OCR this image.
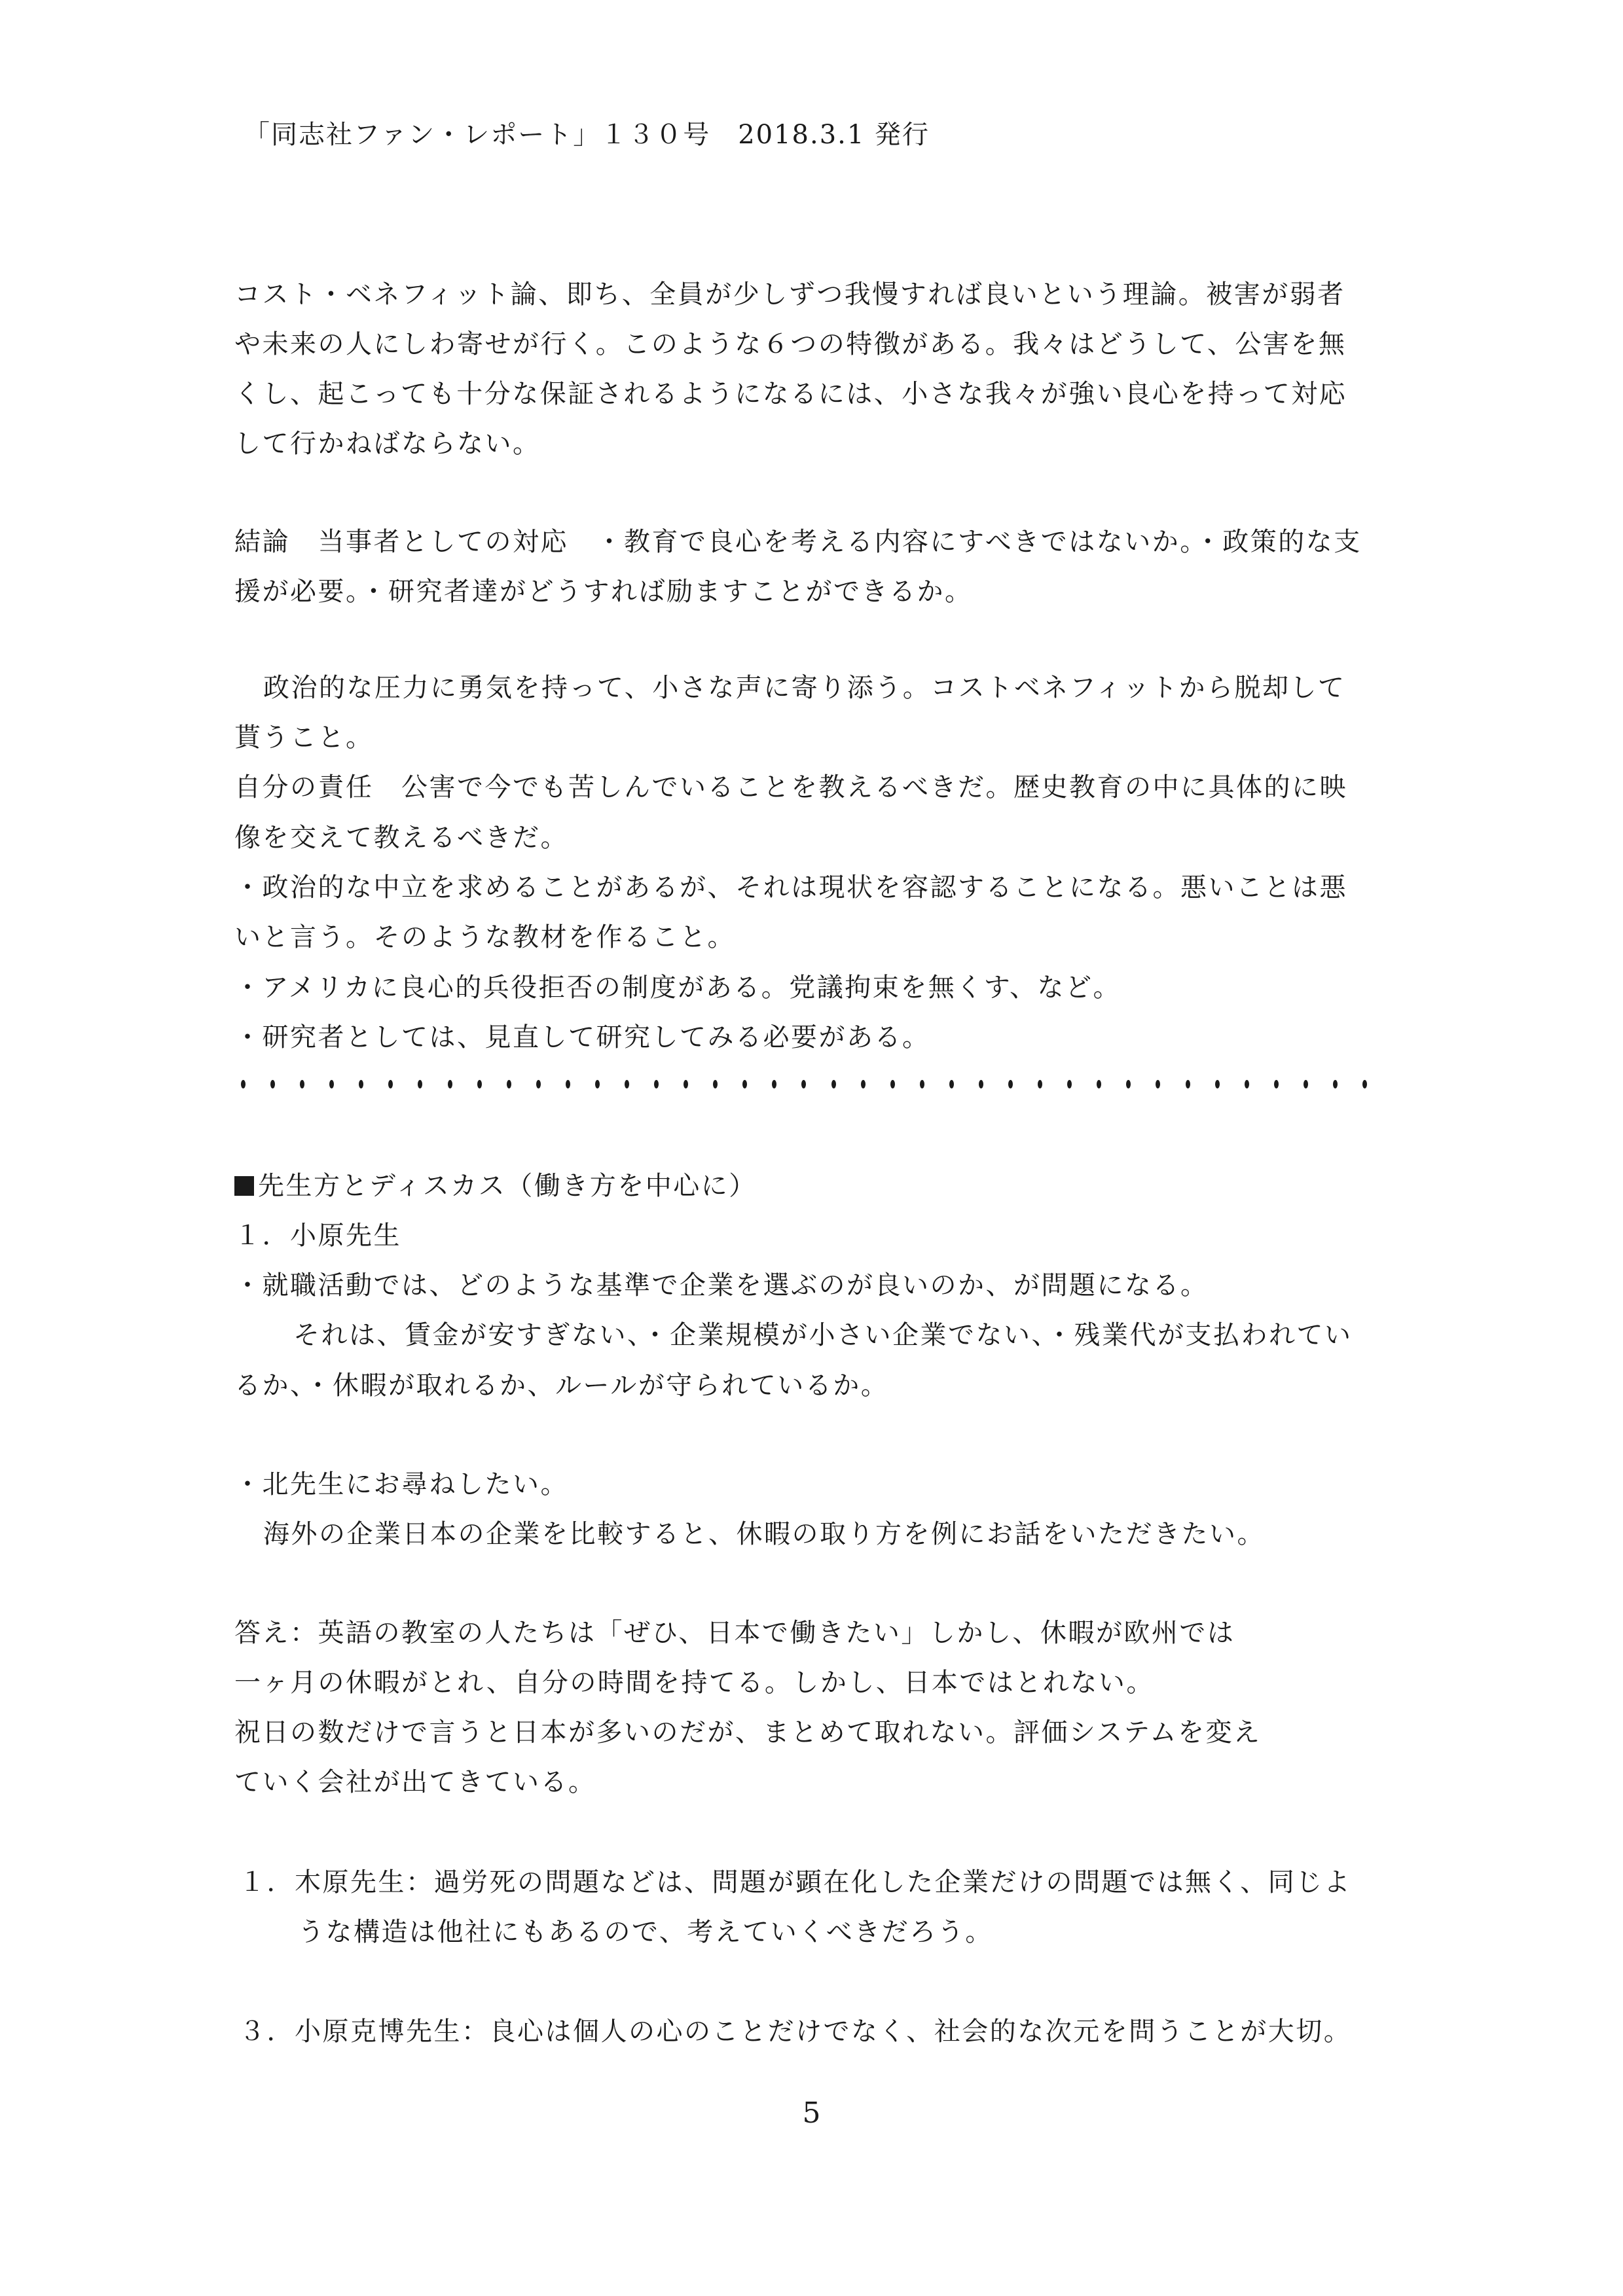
「同志社ファン・レポート」１３０号　2018.3.1 発行
コスト・ベネフィット論、即ち、全員が少しずつ我慢すれば良いという理論。被害が弱者
や未来の人にしわ寄せが行く。このような６つの特徴がある。我々はどうして、公害を無
くし、起こっても十分な保証されるようになるには、小さな我々が強い良心を持って対応
して行かねばならない。
結論　当事者としての対応　・教育で良心を考える内容にすべきではないか。・政策的な支
援が必要。・研究者達がどうすれば励ますことができるか。
政治的な圧力に勇気を持って、小さな声に寄り添う。コストベネフィットから脱却して
貰うこと。
自分の責任　公害で今でも苦しんでいることを教えるべきだ。歴史教育の中に具体的に映
像を交えて教えるべきだ。
・政治的な中立を求めることがあるが、それは現状を容認することになる。悪いことは悪
いと言う。そのような教材を作ること。
・アメリカに良心的兵役拒否の制度がある。党議拘束を無くす、など。
・研究者としては、見直して研究してみる必要がある。
先生方とディスカス（働き方を中心に）
１．小原先生
・就職活動では、どのような基準で企業を選ぶのが良いのか、が問題になる。
それは、賃金が安すぎない、・企業規模が小さい企業でない、・残業代が支払われてい
るか、・休暇が取れるか、ルールが守られているか。
・北先生にお尋ねしたい。
海外の企業日本の企業を比較すると、休暇の取り方を例にお話をいただきたい。
答え：英語の教室の人たちは「ぜひ、日本で働きたい」しかし、休暇が欧州では
一ヶ月の休暇がとれ、自分の時間を持てる。しかし、日本ではとれない。
祝日の数だけで言うと日本が多いのだが、まとめて取れない。評価システムを変え
ていく会社が出てきている。
１．木原先生：過労死の問題などは、問題が顕在化した企業だけの問題では無く、同じよ
うな構造は他社にもあるので、考えていくべきだろう。
３．小原克博先生：良心は個人の心のことだけでなく、社会的な次元を問うことが大切。
5
